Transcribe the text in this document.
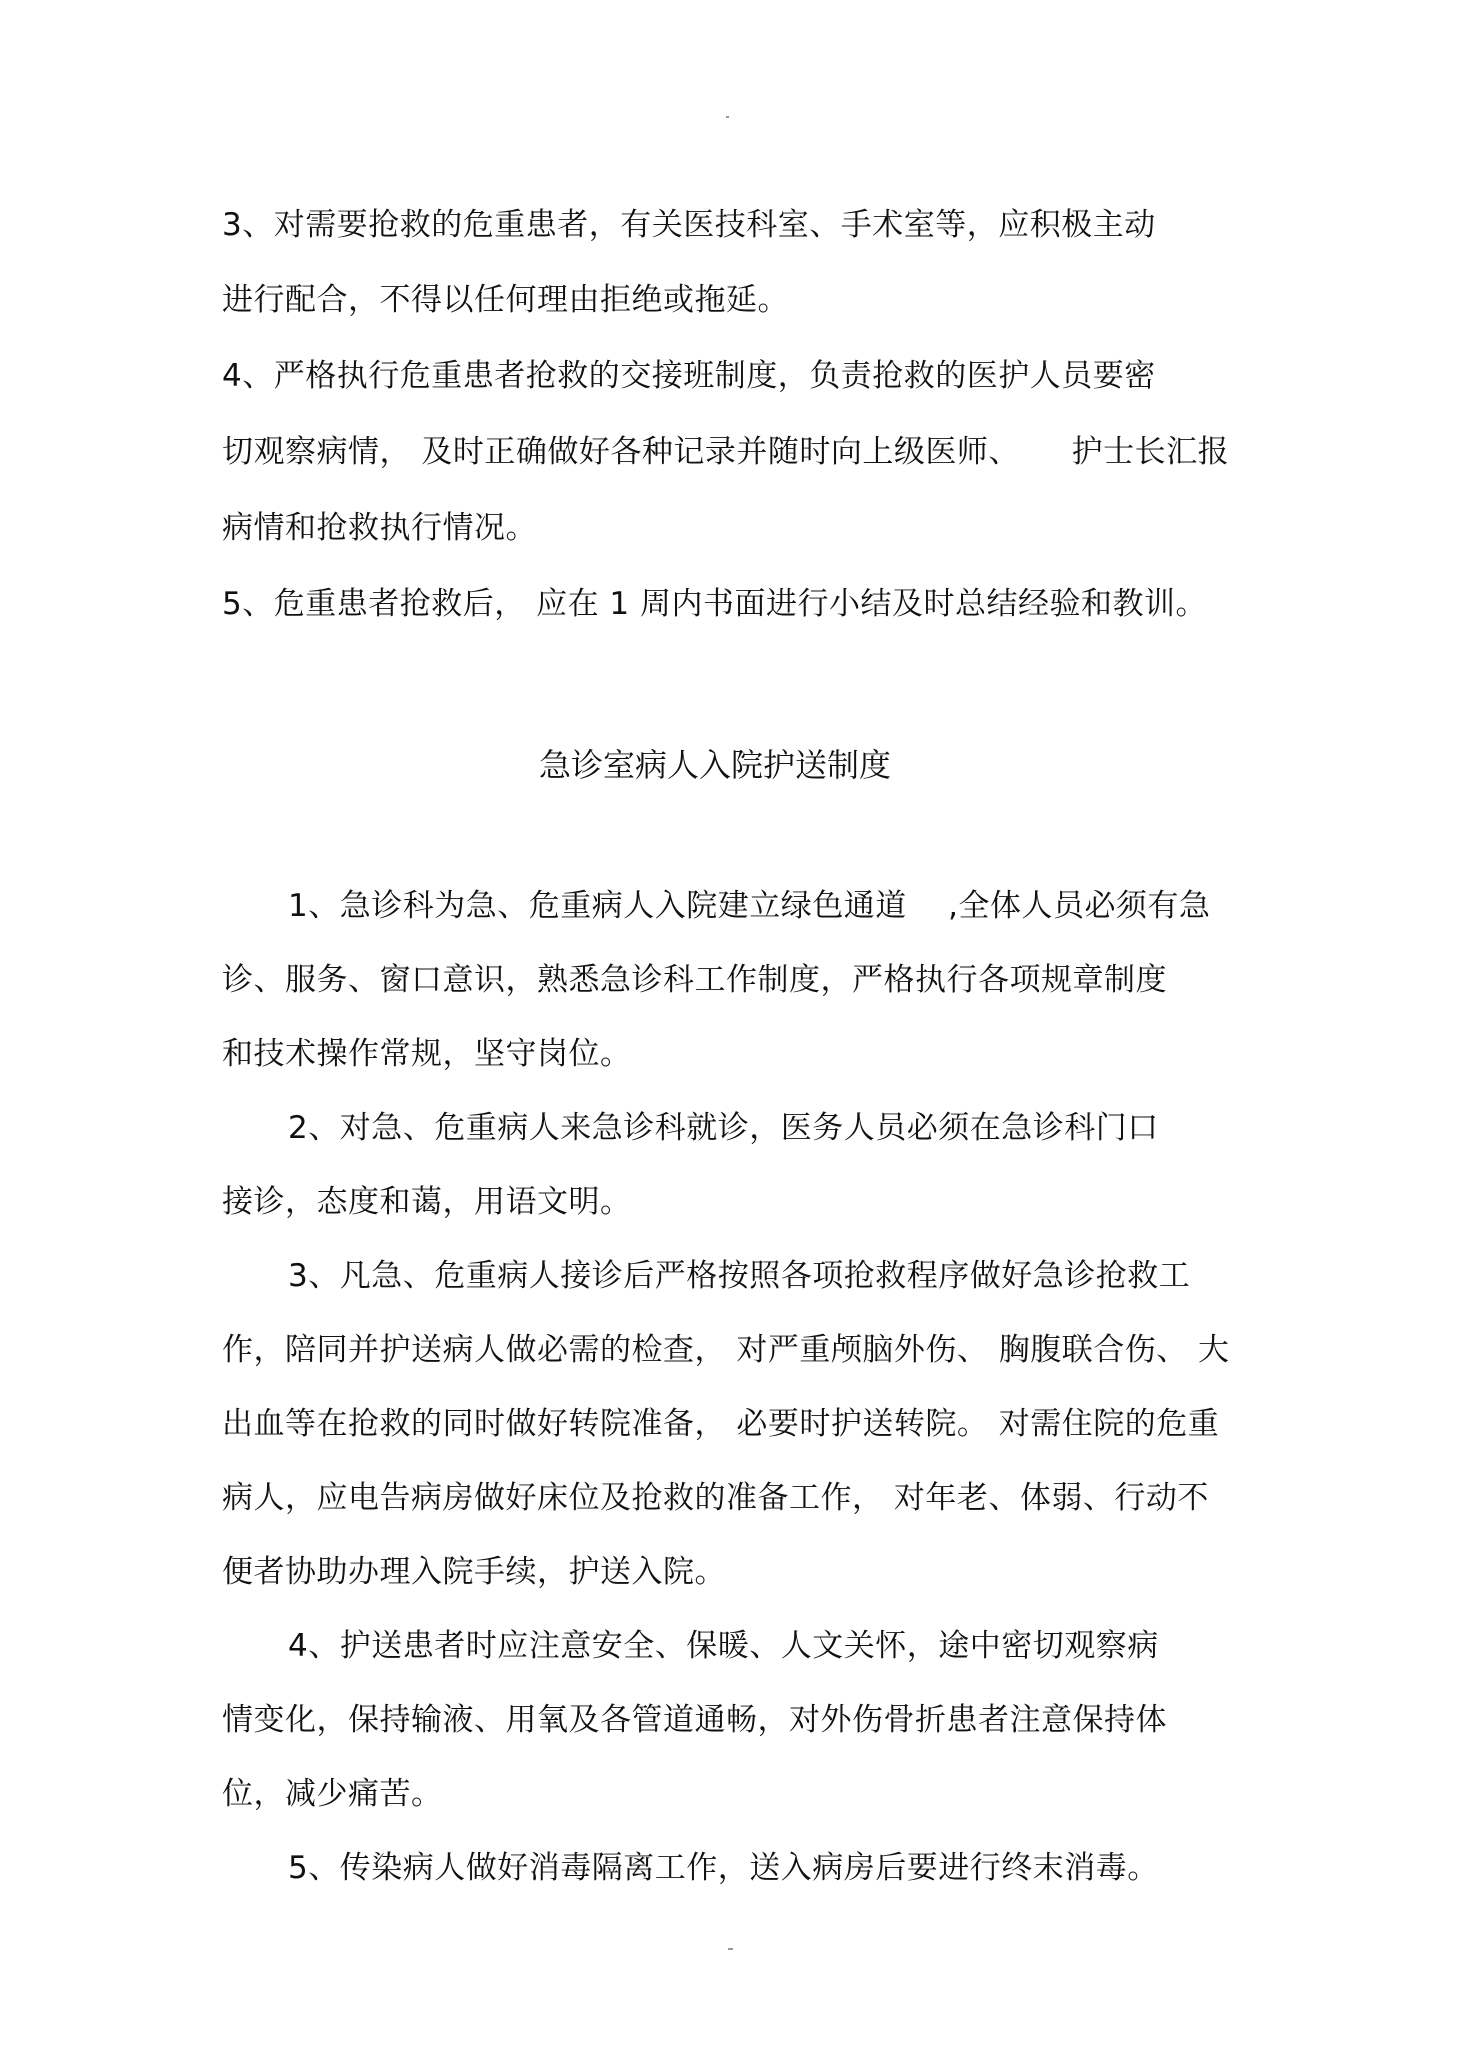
3、对需要抢救的危重患者，有关医技科室、手术室等，应积极主动
进行配合，不得以任何理由拒绝或拖延。
4、严格执行危重患者抢救的交接班制度，负责抢救的医护人员要密
切观察病情， 及时正确做好各种记录并随时向上级医师、     护士长汇报
病情和抢救执行情况。
5、危重患者抢救后， 应在 1 周内书面进行小结及时总结经验和教训。
急诊室病人入院护送制度
1、急诊科为急、危重病人入院建立绿色通道    ,全体人员必须有急
诊、服务、窗口意识，熟悉急诊科工作制度，严格执行各项规章制度
和技术操作常规，坚守岗位。
2、对急、危重病人来急诊科就诊，医务人员必须在急诊科门口
接诊，态度和蔼，用语文明。
3、凡急、危重病人接诊后严格按照各项抢救程序做好急诊抢救工
作，陪同并护送病人做必需的检查， 对严重颅脑外伤、 胸腹联合伤、 大
出血等在抢救的同时做好转院准备， 必要时护送转院。 对需住院的危重
病人，应电告病房做好床位及抢救的准备工作， 对年老、体弱、行动不
便者协助办理入院手续，护送入院。
4、护送患者时应注意安全、保暖、人文关怀，途中密切观察病
情变化，保持输液、用氧及各管道通畅，对外伤骨折患者注意保持体
位，减少痛苦。
5、传染病人做好消毒隔离工作，送入病房后要进行终末消毒。
